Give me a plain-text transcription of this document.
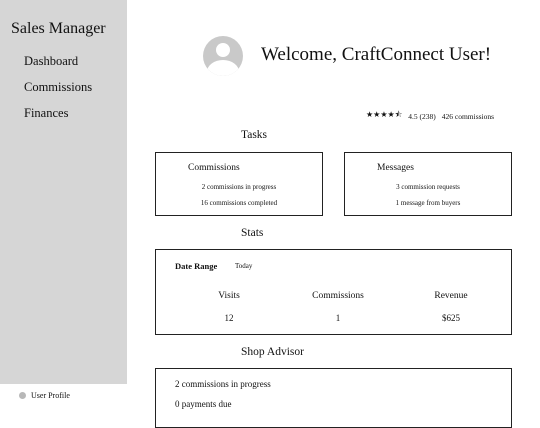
Sales Manager
Dashboard
Commissions
Finances
User Profile
Welcome, CraftConnect User!
★★★★⯪ 4.5 (238) 426 commissions
Tasks
Commissions
2 commissions in progress
16 commissions completed
Messages
3 commission requests
1 message from buyers
Stats
Date Range	Today
Visits
12
Commissions
1
Revenue
$625
Shop Advisor
2 commissions in progress
0 payments due
